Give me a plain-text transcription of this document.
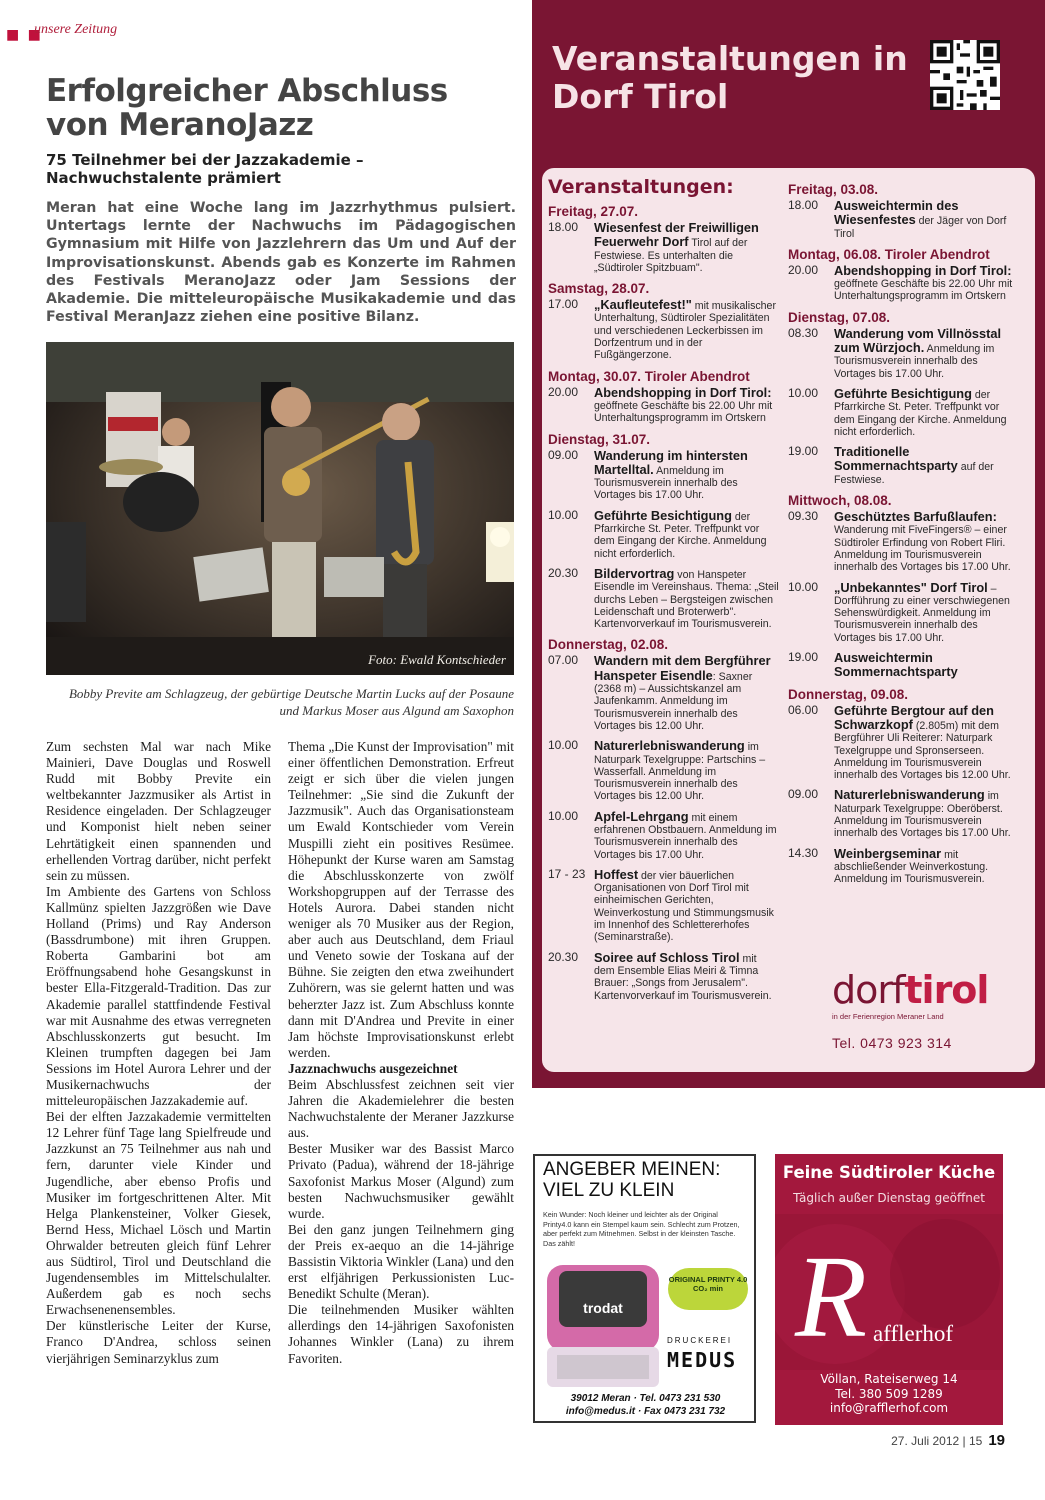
■ ■
unsere Zeitung
Erfolgreicher Abschluss von MeranoJazz
75 Teilnehmer bei der Jazzakademie – Nachwuchstalente prämiert

Meran hat eine Woche lang im Jazzrhythmus pulsiert. Untertags lernte der Nachwuchs im Pädagogischen Gymnasium mit Hilfe von Jazzlehrern das Um und Auf der Improvisationskunst. Abends gab es Konzerte im Rahmen des Festivals MeranoJazz oder Jam Sessions der Akademie. Die mitteleuropäische Musikakademie und das Festival MeranJazz ziehen eine positive Bilanz.

Foto: Ewald Kontschieder

Bobby Previte am Schlagzeug, der gebürtige Deutsche Martin Lucks auf der Posaune und Markus Moser aus Algund am Saxophon

Zum sechsten Mal war nach Mike Mainieri, Dave Douglas und Roswell Rudd mit Bobby Previte ein weltbekannter Jazzmusiker als Artist in Residence eingeladen. Der Schlagzeuger und Komponist hielt neben seiner Lehrtätigkeit einen spannenden und erhellenden Vortrag darüber, nicht perfekt sein zu müssen.

Im Ambiente des Gartens von Schloss Kallmünz spielten Jazzgrößen wie Dave Holland (Prims) und Ray Anderson (Bassdrumbone) mit ihren Gruppen. Roberta Gambarini bot am Eröffnungsabend hohe Gesangskunst in bester Ella-Fitzgerald-Tradition. Das zur Akademie parallel stattfindende Festival war mit Ausnahme des etwas verregneten Abschlusskonzerts gut besucht. Im Kleinen trumpften dagegen bei Jam Sessions im Hotel Aurora Lehrer und der Musikernachwuchs der mitteleuropäischen Jazzakademie auf.

Bei der elften Jazzakademie vermittelten 12 Lehrer fünf Tage lang Spielfreude und Jazzkunst an 75 Teilnehmer aus nah und fern, darunter viele Kinder und Jugendliche, aber ebenso Profis und Musiker im fortgeschrittenen Alter. Mit Helga Plankensteiner, Volker Giesek, Bernd Hess, Michael Lösch und Martin Ohrwalder betreuten gleich fünf Lehrer aus Südtirol, Tirol und Deutschland die Jugendensembles im Mittelschulalter. Außerdem gab es noch sechs Erwachsenenensembles.

Der künstlerische Leiter der Kurse, Franco D'Andrea, schloss seinen vierjährigen Seminarzyklus zum

Thema „Die Kunst der Improvisation" mit einer öffentlichen Demonstration. Erfreut zeigt er sich über die vielen jungen Teilnehmer: „Sie sind die Zukunft der Jazzmusik". Auch das Organisationsteam um Ewald Kontschieder vom Verein Muspilli zieht ein positives Resümee. Höhepunkt der Kurse waren am Samstag die Abschlusskonzerte von zwölf Workshopgruppen auf der Terrasse des Hotels Aurora. Dabei standen nicht weniger als 70 Musiker aus der Region, aber auch aus Deutschland, dem Friaul und Veneto sowie der Toskana auf der Bühne. Sie zeigten den etwa zweihundert Zuhörern, was sie gelernt hatten und was beherzter Jazz ist. Zum Abschluss konnte dann mit D'Andrea und Previte in einer Jam höchste Improvisationskunst erlebt werden.

Jazznachwuchs ausgezeichnet

Beim Abschlussfest zeichnen seit vier Jahren die Akademielehrer die besten Nachwuchstalente der Meraner Jazzkurse aus.

Bester Musiker war des Bassist Marco Privato (Padua), während der 18-jährige Saxofonist Markus Moser (Algund) zum besten Nachwuchsmusiker gewählt wurde.

Bei den ganz jungen Teilnehmern ging der Preis ex-aequo an die 14-jährige Bassistin Viktoria Winkler (Lana) und den erst elfjährigen Perkussionisten Luc-Benedikt Schulte (Meran).

Die teilnehmenden Musiker wählten allerdings den 14-jährigen Saxofonisten Johannes Winkler (Lana) zu ihrem Favoriten.

Veranstaltungen in Dorf Tirol
Veranstaltungen:
Freitag, 27.07.
18.00	Wiesenfest der Freiwilligen Feuerwehr Dorf Tirol auf der Festwiese. Es unterhalten die „Südtiroler Spitzbuam".
Samstag, 28.07.
17.00	„Kaufleutefest!" mit musikalischer Unterhaltung, Südtiroler Spezialitäten und verschiedenen Leckerbissen im Dorfzentrum und in der Fußgängerzone.
Montag, 30.07. Tiroler Abendrot
20.00	Abendshopping in Dorf Tirol: geöffnete Geschäfte bis 22.00 Uhr mit Unterhaltungsprogramm im Ortskern
Dienstag, 31.07.
09.00	Wanderung im hintersten Martelltal. Anmeldung im Tourismusverein innerhalb des Vortages bis 17.00 Uhr.
10.00	Geführte Besichtigung der Pfarrkirche St. Peter. Treffpunkt vor dem Eingang der Kirche. Anmeldung nicht erforderlich.
20.30	Bildervortrag von Hanspeter Eisendle im Vereinshaus. Thema: „Steil durchs Leben – Bergsteigen zwischen Leidenschaft und Broterwerb". Kartenvorverkauf im Tourismusverein.
Donnerstag, 02.08.
07.00	Wandern mit dem Bergführer Hanspeter Eisendle: Saxner (2368 m) – Aussichtskanzel am Jaufenkamm. Anmeldung im Tourismusverein innerhalb des Vortages bis 12.00 Uhr.
10.00	Naturerlebniswanderung im Naturpark Texelgruppe: Partschins – Wasserfall. Anmeldung im Tourismusverein innerhalb des Vortages bis 12.00 Uhr.
10.00	Apfel-Lehrgang mit einem erfahrenen Obstbauern. Anmeldung im Tourismusverein innerhalb des Vortages bis 17.00 Uhr.
17 - 23 Hoffest der vier bäuerlichen Organisationen von Dorf Tirol mit einheimischen Gerichten, Weinverkostung und Stimmungsmusik im Innenhof des Schlettererhofes (Seminarstraße).
20.30	Soiree auf Schloss Tirol mit dem Ensemble Elias Meiri & Timna Brauer: „Songs from Jerusalem". Kartenvorverkauf im Tourismusverein.
Freitag, 03.08.
18.00	Ausweichtermin des Wiesenfestes der Jäger von Dorf Tirol
Montag, 06.08. Tiroler Abendrot
20.00	Abendshopping in Dorf Tirol: geöffnete Geschäfte bis 22.00 Uhr mit Unterhaltungsprogramm im Ortskern
Dienstag, 07.08.
08.30	Wanderung vom Villnösstal zum Würzjoch. Anmeldung im Tourismusverein innerhalb des Vortages bis 17.00 Uhr.
10.00	Geführte Besichtigung der Pfarrkirche St. Peter. Treffpunkt vor dem Eingang der Kirche. Anmeldung nicht erforderlich.
19.00	Traditionelle Sommernachtsparty auf der Festwiese.
Mittwoch, 08.08.
09.30	Geschütztes Barfußlaufen: Wanderung mit FiveFingers® – einer Südtiroler Erfindung von Robert Fliri. Anmeldung im Tourismusverein innerhalb des Vortages bis 17.00 Uhr.
10.00	„Unbekanntes" Dorf Tirol – Dorfführung zu einer verschwiegenen Sehenswürdigkeit. Anmeldung im Tourismusverein innerhalb des Vortages bis 17.00 Uhr.
19.00	Ausweichtermin Sommernachtsparty
Donnerstag, 09.08.
06.00	Geführte Bergtour auf den Schwarzkopf (2.805m) mit dem Bergführer Uli Reiterer: Naturpark Texelgruppe und Spronserseen. Anmeldung im Tourismusverein innerhalb des Vortages bis 12.00 Uhr.
09.00	Naturerlebniswanderung im Naturpark Texelgruppe: Oberöberst. Anmeldung im Tourismusverein innerhalb des Vortages bis 17.00 Uhr.
14.30	Weinbergseminar mit abschließender Weinverkostung. Anmeldung im Tourismusverein.
dorftirol
in der Ferienregion Meraner Land
Tel. 0473 923 314
ANGEBER MEINEN:
VIEL ZU KLEIN
Kein Wunder: Noch kleiner und leichter als der Original Printy4.0 kann ein Stempel kaum sein. Schlecht zum Protzen, aber perfekt zum Mitnehmen. Selbst in der kleinsten Tasche. Das zählt!
trodat
ORIGINAL PRINTY 4.0 CO₂ min
DRUCKEREI
MEDUS
39012 Meran · Tel. 0473 231 530
info@medus.it · Fax 0473 231 732
Feine Südtiroler Küche
Täglich außer Dienstag geöffnet
R afflerhof
Völlan, Rateiserweg 14
Tel. 380 509 1289
info@rafflerhof.com
27. Juli 2012 | 15 19
